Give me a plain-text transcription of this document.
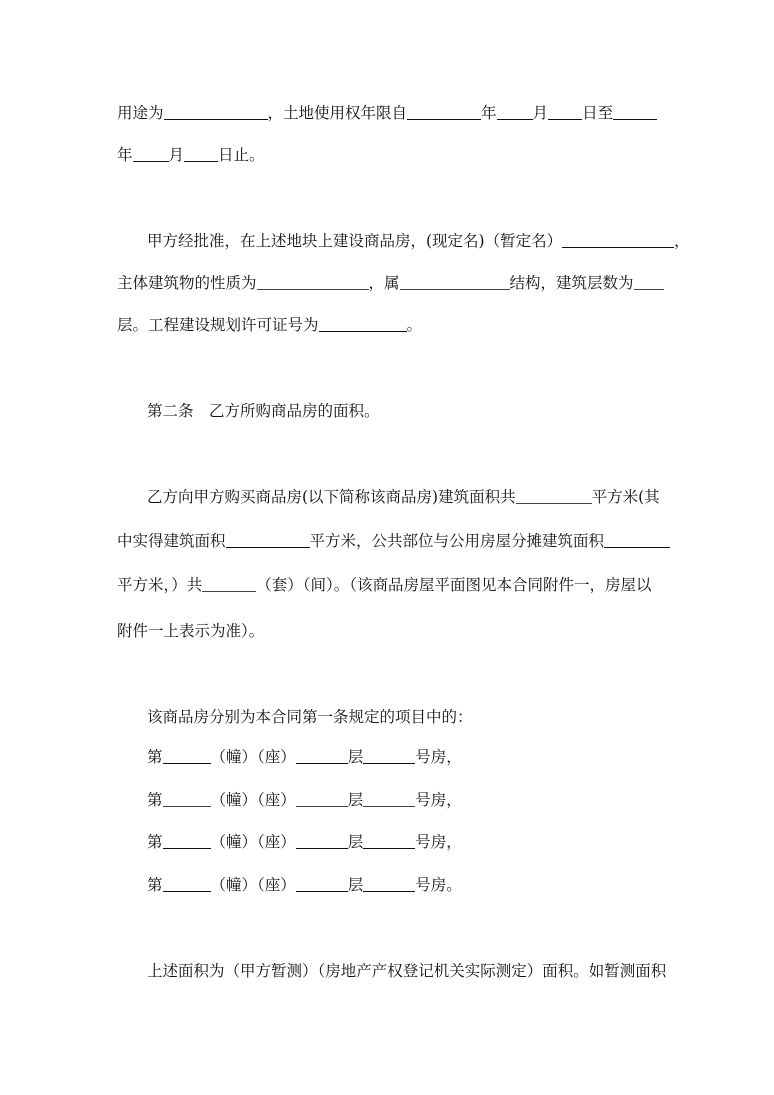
用途为	，土地使用权年限自	年 月 日至
年 月 日止。
甲方经批准，在上述地块上建设商品房，(现定名)（暂定名）	，
主体建筑物的性质为	，属	结构，建筑层数为
层。工程建设规划许可证号为	。
第二条　乙方所购商品房的面积。
乙方向甲方购买商品房(以下简称该商品房)建筑面积共	平方米(其
中实得建筑面积	平方米，公共部位与公用房屋分摊建筑面积
平方米，）共	（套）（间）。（该商品房屋平面图见本合同附件一，房屋以
附件一上表示为准）。
该商品房分别为本合同第一条规定的项目中的：
第	（幢）（座）	层	号房，
第	（幢）（座）	层	号房，
第	（幢）（座）	层	号房，
第	（幢）（座）	层	号房。
上述面积为（甲方暂测）（房地产产权登记机关实际测定）面积。如暂测面积
